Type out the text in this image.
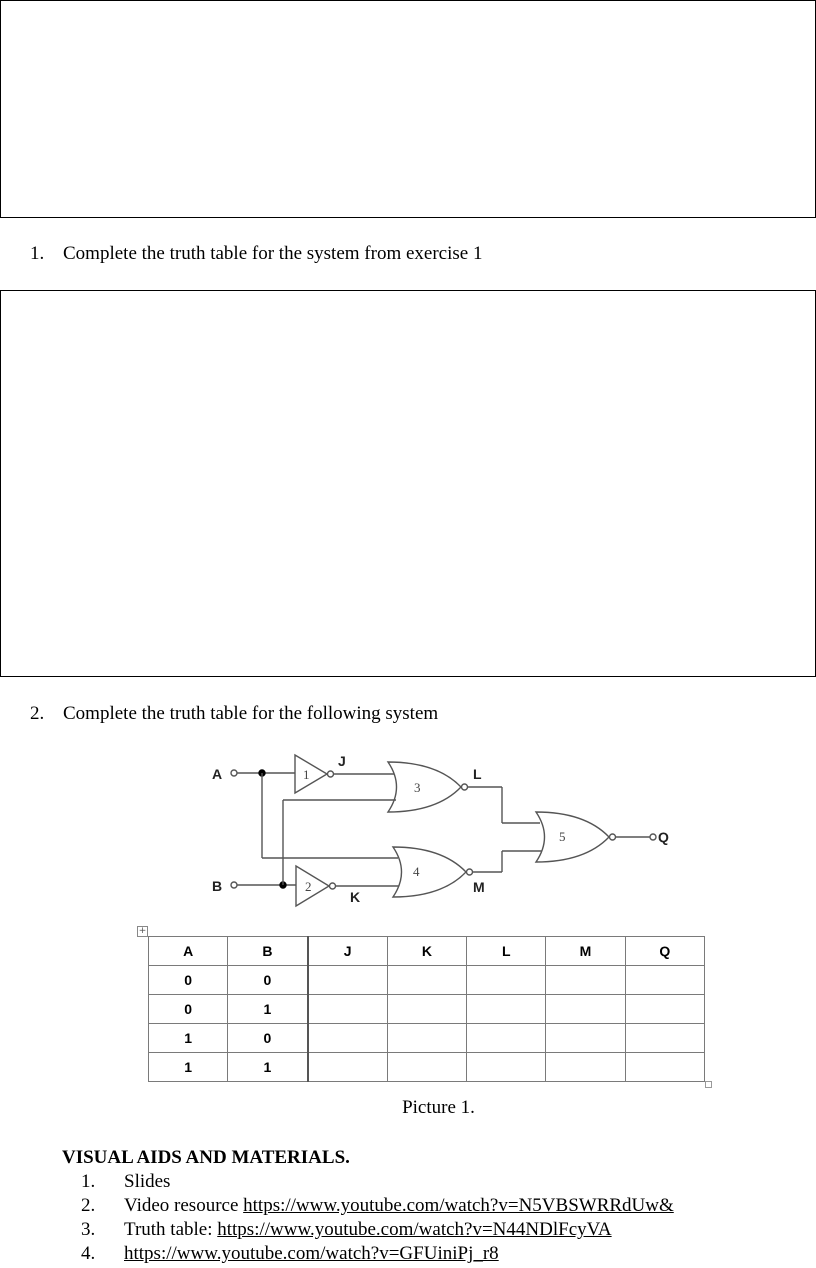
1. Complete the truth table for the system from exercise 1
2. Complete the truth table for the following system
A
B
J
K
L
M
Q
1
2
3
4
5
+
A	B	J	K	L	M	Q
0	0					
0	1					
1	0					
1	1					
Picture 1.
VISUAL AIDS AND MATERIALS.
1. Slides
2. Video resource https://www.youtube.com/watch?v=N5VBSWRRdUw&
3. Truth table: https://www.youtube.com/watch?v=N44NDlFcyVA
4. https://www.youtube.com/watch?v=GFUiniPj_r8
